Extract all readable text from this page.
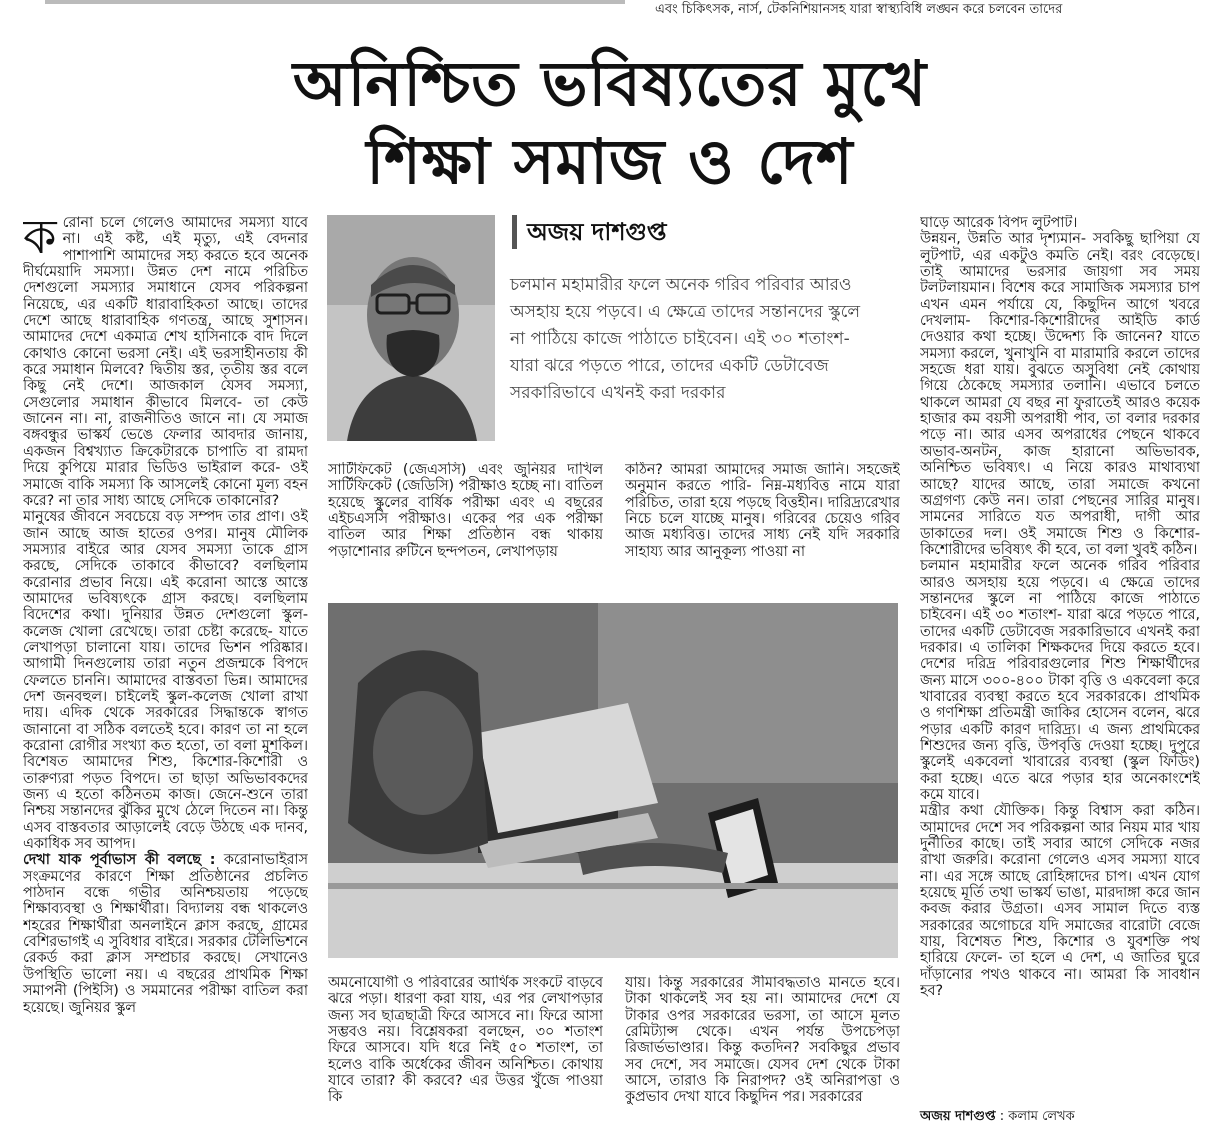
এবং চিকিৎসক, নার্স, টেকনিশিয়ানসহ যারা স্বাস্থ্যবিধি লঙ্ঘন করে চলবেন তাদের
অনিশ্চিত ভবিষ্যতের মুখে
শিক্ষা সমাজ ও দেশ

করোনা চলে গেলেও আমাদের সমস্যা যাবে না। এই কষ্ট, এই মৃত্যু, এই বেদনার পাশাপাশি আমাদের সহ্য করতে হবে অনেক দীর্ঘমেয়াদি সমস্যা। উন্নত দেশ নামে পরিচিত দেশগুলো সমস্যার সমাধানে যেসব পরিকল্পনা নিয়েছে, এর একটি ধারাবাহিকতা আছে। তাদের দেশে আছে ধারাবাহিক গণতন্ত্র, আছে সুশাসন। আমাদের দেশে একমাত্র শেখ হাসিনাকে বাদ দিলে কোথাও কোনো ভরসা নেই। এই ভরসাহীনতায় কী করে সমাধান মিলবে? দ্বিতীয় স্তর, তৃতীয় স্তর বলে কিছু নেই দেশে। আজকাল যেসব সমস্যা, সেগুলোর সমাধান কীভাবে মিলবে- তা কেউ জানেন না। না, রাজনীতিও জানে না। যে সমাজ বঙ্গবন্ধুর ভাস্কর্য ভেঙে ফেলার আবদার জানায়, একজন বিশ্বখ্যাত ক্রিকেটারকে চাপাতি বা রামদা দিয়ে কুপিয়ে মারার ভিডিও ভাইরাল করে- ওই সমাজে বাকি সমস্যা কি আসলেই কোনো মূল্য বহন করে? না তার সাধ্য আছে সেদিকে তাকানোর?

মানুষের জীবনে সবচেয়ে বড় সম্পদ তার প্রাণ। ওই জান আছে আজ হাতের ওপর। মানুষ মৌলিক সমস্যার বাইরে আর যেসব সমস্যা তাকে গ্রাস করছে, সেদিকে তাকাবে কীভাবে? বলছিলাম করোনার প্রভাব নিয়ে। এই করোনা আস্তে আস্তে আমাদের ভবিষ্যৎকে গ্রাস করছে। বলছিলাম বিদেশের কথা। দুনিয়ার উন্নত দেশগুলো স্কুল-কলেজ খোলা রেখেছে। তারা চেষ্টা করেছে- যাতে লেখাপড়া চালানো যায়। তাদের ভিশন পরিষ্কার। আগামী দিনগুলোয় তারা নতুন প্রজন্মকে বিপদে ফেলতে চাননি। আমাদের বাস্তবতা ভিন্ন। আমাদের দেশ জনবহুল। চাইলেই স্কুল-কলেজ খোলা রাখা দায়। এদিক থেকে সরকারের সিদ্ধান্তকে স্বাগত জানানো বা সঠিক বলতেই হবে। কারণ তা না হলে করোনা রোগীর সংখ্যা কত হতো, তা বলা মুশকিল। বিশেষত আমাদের শিশু, কিশোর-কিশোরী ও তারুণ্যরা পড়ত বিপদে। তা ছাড়া অভিভাবকদের জন্য এ হতো কঠিনতম কাজ। জেনে-শুনে তারা নিশ্চয় সন্তানদের ঝুঁকির মুখে ঠেলে দিতেন না। কিন্তু এসব বাস্তবতার আড়ালেই বেড়ে উঠছে এক দানব, একাধিক সব আপদ।

দেখা যাক পূর্বাভাস কী বলছে : করোনাভাইরাস সংক্রমণের কারণে শিক্ষা প্রতিষ্ঠানের প্রচলিত পাঠদান বন্ধে গভীর অনিশ্চয়তায় পড়েছে শিক্ষাব্যবস্থা ও শিক্ষার্থীরা। বিদ্যালয় বন্ধ থাকলেও শহরের শিক্ষার্থীরা অনলাইনে ক্লাস করছে, গ্রামের বেশিরভাগই এ সুবিধার বাইরে। সরকার টেলিভিশনে রেকর্ড করা ক্লাস সম্প্রচার করছে। সেখানেও উপস্থিতি ভালো নয়। এ বছরের প্রাথমিক শিক্ষা সমাপনী (পিইসি) ও সমমানের পরীক্ষা বাতিল করা হয়েছে। জুনিয়র স্কুল

অজয় দাশগুপ্ত
চলমান মহামারীর ফলে অনেক গরিব পরিবার আরও অসহায় হয়ে পড়বে। এ ক্ষেত্রে তাদের সন্তানদের স্কুলে না পাঠিয়ে কাজে পাঠাতে চাইবেন। এই ৩০ শতাংশ- যারা ঝরে পড়তে পারে, তাদের একটি ডেটাবেজ সরকারিভাবে এখনই করা দরকার
সার্টিফিকেট (জেএসসি) এবং জুনিয়র দাখিল সার্টিফিকেট (জেডিসি) পরীক্ষাও হচ্ছে না। বাতিল হয়েছে স্কুলের বার্ষিক পরীক্ষা এবং এ বছরের এইচএসসি পরীক্ষাও। একের পর এক পরীক্ষা বাতিল আর শিক্ষা প্রতিষ্ঠান বন্ধ থাকায় পড়াশোনার রুটিনে ছন্দপতন, লেখাপড়ায়
কঠিন? আমরা আমাদের সমাজ জানি। সহজেই অনুমান করতে পারি- নিম্ন-মধ্যবিত্ত নামে যারা পরিচিত, তারা হয়ে পড়ছে বিত্তহীন। দারিদ্র্যরেখার নিচে চলে যাচ্ছে মানুষ। গরিবের চেয়েও গরিব আজ মধ্যবিত্ত। তাদের সাধ্য নেই যদি সরকারি সাহায্য আর আনুকূল্য পাওয়া না
অমনোযোগী ও পরিবারের আর্থিক সংকটে বাড়বে ঝরে পড়া। ধারণা করা যায়, এর পর লেখাপড়ার জন্য সব ছাত্রছাত্রী ফিরে আসবে না। ফিরে আসা সম্ভবও নয়। বিশ্লেষকরা বলছেন, ৩০ শতাংশ ফিরে আসবে। যদি ধরে নিই ৫০ শতাংশ, তা হলেও বাকি অর্ধেকের জীবন অনিশ্চিত। কোথায় যাবে তারা? কী করবে? এর উত্তর খুঁজে পাওয়া কি
যায়। কিন্তু সরকারের সীমাবদ্ধতাও মানতে হবে। টাকা থাকলেই সব হয় না। আমাদের দেশে যে টাকার ওপর সরকারের ভরসা, তা আসে মূলত রেমিট্যান্স থেকে। এখন পর্যন্ত উপচেপড়া রিজার্ভভাণ্ডার। কিন্তু কতদিন? সবকিছুর প্রভাব সব দেশে, সব সমাজে। যেসব দেশ থেকে টাকা আসে, তারাও কি নিরাপদ? ওই অনিরাপত্তা ও কুপ্রভাব দেখা যাবে কিছুদিন পর। সরকারের

ঘাড়ে আরেক বিপদ লুটপাট।

উন্নয়ন, উন্নতি আর দৃশ্যমান- সবকিছু ছাপিয়া যে লুটপাট, এর একটুও কমতি নেই। বরং বেড়েছে। তাই আমাদের ভরসার জায়গা সব সময় টলটলায়মান। বিশেষ করে সামাজিক সমস্যার চাপ এখন এমন পর্যায়ে যে, কিছুদিন আগে খবরে দেখলাম- কিশোর-কিশোরীদের আইডি কার্ড দেওয়ার কথা হচ্ছে। উদ্দেশ্য কি জানেন? যাতে সমস্যা করলে, খুনাখুনি বা মারামারি করলে তাদের সহজে ধরা যায়। বুঝতে অসুবিধা নেই কোথায় গিয়ে ঠেকেছে সমস্যার তলানি। এভাবে চলতে থাকলে আমরা যে বছর না ফুরাতেই আরও কয়েক হাজার কম বয়সী অপরাধী পাব, তা বলার দরকার পড়ে না। আর এসব অপরাধের পেছনে থাকবে অভাব-অনটন, কাজ হারানো অভিভাবক, অনিশ্চিত ভবিষ্যৎ। এ নিয়ে কারও মাথাব্যথা আছে? যাদের আছে, তারা সমাজে কখনো অগ্রগণ্য কেউ নন। তারা পেছনের সারির মানুষ। সামনের সারিতে যত অপরাধী, দাগী আর ডাকাতের দল। ওই সমাজে শিশু ও কিশোর-কিশোরীদের ভবিষ্যৎ কী হবে, তা বলা খুবই কঠিন।

চলমান মহামারীর ফলে অনেক গরিব পরিবার আরও অসহায় হয়ে পড়বে। এ ক্ষেত্রে তাদের সন্তানদের স্কুলে না পাঠিয়ে কাজে পাঠাতে চাইবেন। এই ৩০ শতাংশ- যারা ঝরে পড়তে পারে, তাদের একটি ডেটাবেজ সরকারিভাবে এখনই করা দরকার। এ তালিকা শিক্ষকদের দিয়ে করতে হবে। দেশের দরিদ্র পরিবারগুলোর শিশু শিক্ষার্থীদের জন্য মাসে ৩০০-৪০০ টাকা বৃত্তি ও একবেলা করে খাবারের ব্যবস্থা করতে হবে সরকারকে। প্রাথমিক ও গণশিক্ষা প্রতিমন্ত্রী জাকির হোসেন বলেন, ঝরে পড়ার একটি কারণ দারিদ্র্য। এ জন্য প্রাথমিকের শিশুদের জন্য বৃত্তি, উপবৃত্তি দেওয়া হচ্ছে। দুপুরে স্কুলেই একবেলা খাবারের ব্যবস্থা (স্কুল ফিডিং) করা হচ্ছে। এতে ঝরে পড়ার হার অনেকাংশেই কমে যাবে।

মন্ত্রীর কথা যৌক্তিক। কিন্তু বিশ্বাস করা কঠিন। আমাদের দেশে সব পরিকল্পনা আর নিয়ম মার খায় দুর্নীতির কাছে। তাই সবার আগে সেদিকে নজর রাখা জরুরি। করোনা গেলেও এসব সমস্যা যাবে না। এর সঙ্গে আছে রোহিঙ্গাদের চাপ। এখন যোগ হয়েছে মূর্তি তথা ভাস্কর্য ভাঙা, মারদাঙ্গা করে জান কবজ করার উগ্রতা। এসব সামাল দিতে ব্যস্ত সরকারের অগোচরে যদি সমাজের বারোটা বেজে যায়, বিশেষত শিশু, কিশোর ও যুবশক্তি পথ হারিয়ে ফেলে- তা হলে এ দেশ, এ জাতির ঘুরে দাঁড়ানোর পথও থাকবে না। আমরা কি সাবধান হব?

অজয় দাশগুপ্ত : কলাম লেখক
